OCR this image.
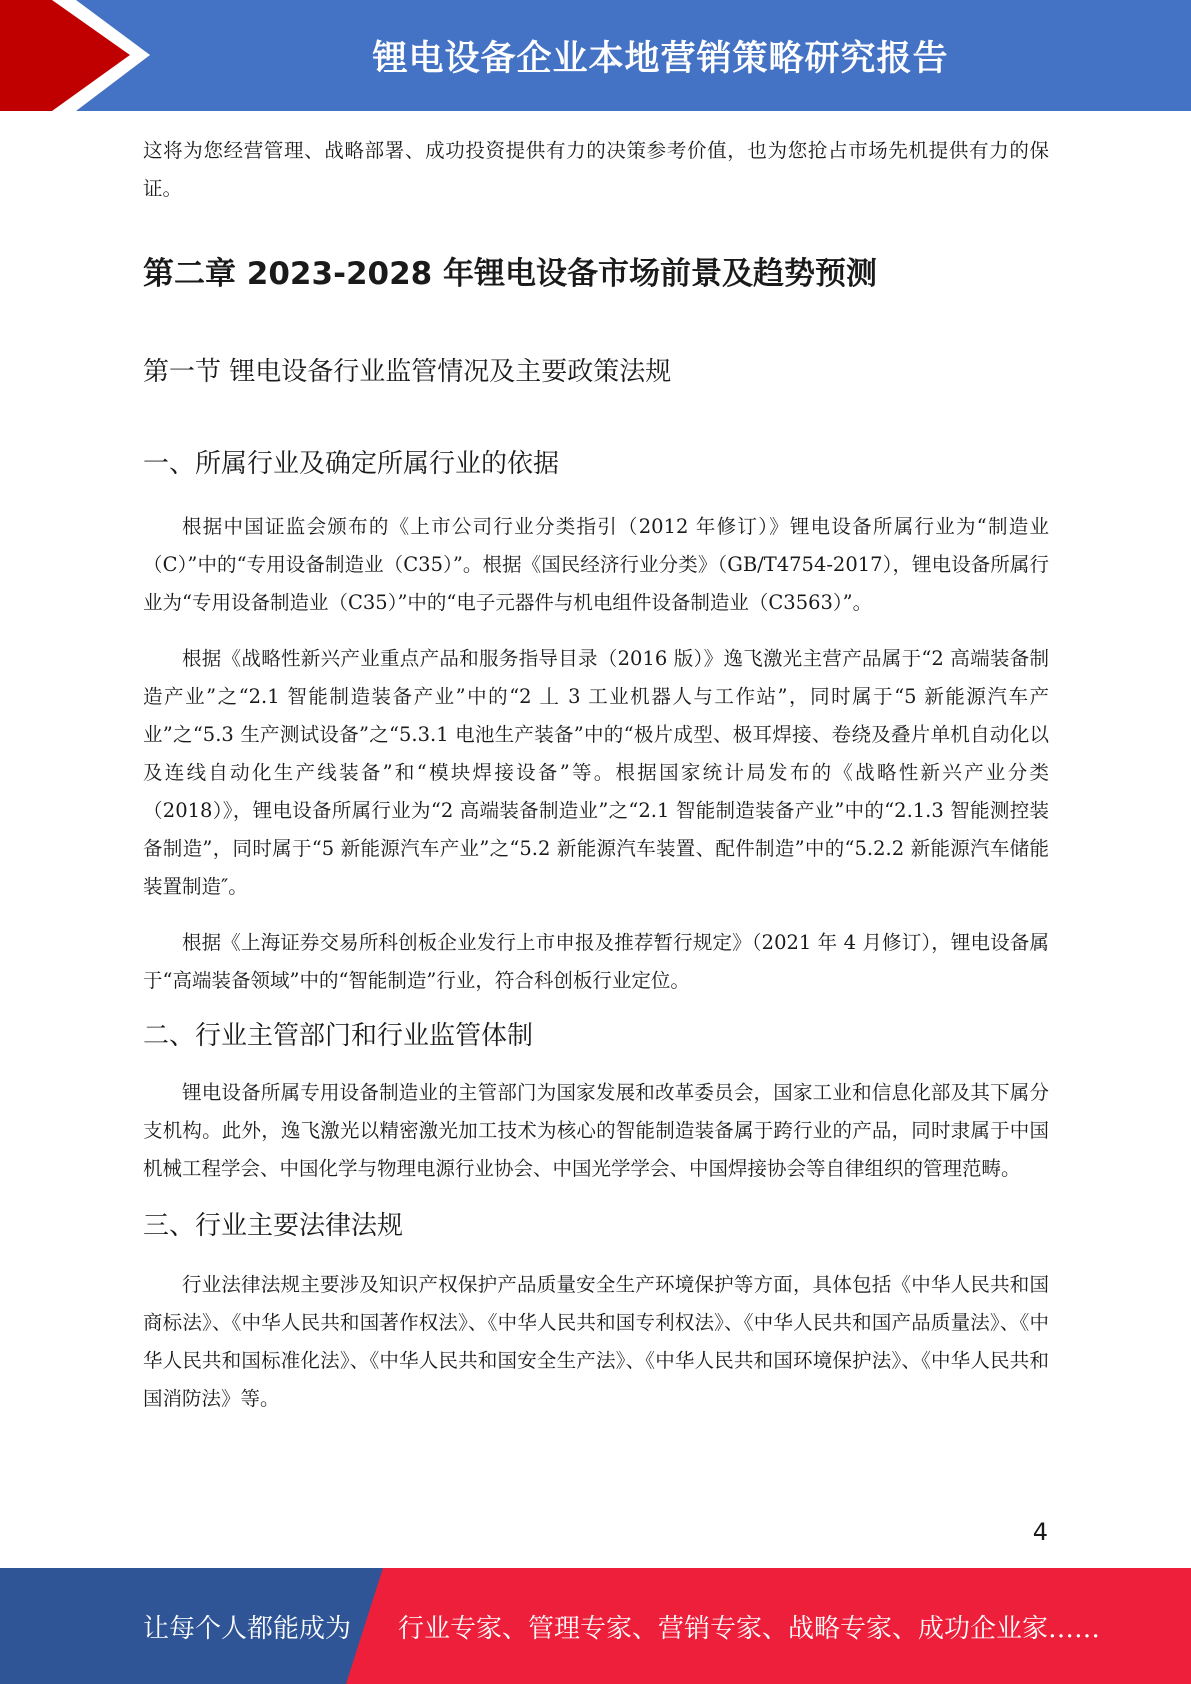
锂电设备企业本地营销策略研究报告

这将为您经营管理、战略部署、成功投资提供有力的决策参考价值，也为您抢占市场先机提供有力的保证。

第二章 2023-2028 年锂电设备市场前景及趋势预测
第一节 锂电设备行业监管情况及主要政策法规
一、所属行业及确定所属行业的依据

根据中国证监会颁布的《上市公司行业分类指引（2012 年修订）》锂电设备所属行业为“制造业（C）”中的“专用设备制造业（C35）”。根据《国民经济行业分类》（GB/T4754-2017），锂电设备所属行业为“专用设备制造业（C35）”中的“电子元器件与机电组件设备制造业（C3563）”。

根据《战略性新兴产业重点产品和服务指导目录（2016 版）》逸飞激光主营产品属于“2 高端装备制造产业”之“2.1 智能制造装备产业”中的“2 丄 3 工业机器人与工作站”，同时属于“5 新能源汽车产业”之“5.3 生产测试设备”之“5.3.1 电池生产装备”中的“极片成型、极耳焊接、卷绕及叠片单机自动化以及连线自动化生产线装备”和“模块焊接设备”等。根据国家统计局发布的《战略性新兴产业分类（2018）》，锂电设备所属行业为“2 高端装备制造业”之“2.1 智能制造装备产业”中的“2.1.3 智能测控装备制造”，同时属于“5 新能源汽车产业”之“5.2 新能源汽车装置、配件制造”中的“5.2.2 新能源汽车储能装置制造″。

根据《上海证券交易所科创板企业发行上市申报及推荐暂行规定》（2021 年 4 月修订），锂电设备属于“高端装备领域”中的“智能制造”行业，符合科创板行业定位。

二、行业主管部门和行业监管体制

锂电设备所属专用设备制造业的主管部门为国家发展和改革委员会，国家工业和信息化部及其下属分支机构。此外，逸飞激光以精密激光加工技术为核心的智能制造装备属于跨行业的产品，同时隶属于中国机械工程学会、中国化学与物理电源行业协会、中国光学学会、中国焊接协会等自律组织的管理范畴。

三、行业主要法律法规

行业法律法规主要涉及知识产权保护产品质量安全生产环境保护等方面，具体包括《中华人民共和国商标法》、《中华人民共和国著作权法》、《中华人民共和国专利权法》、《中华人民共和国产品质量法》、《中华人民共和国标准化法》、《中华人民共和国安全生产法》、《中华人民共和国环境保护法》、《中华人民共和国消防法》等。

4
让每个人都能成为 行业专家、管理专家、营销专家、战略专家、成功企业家……
